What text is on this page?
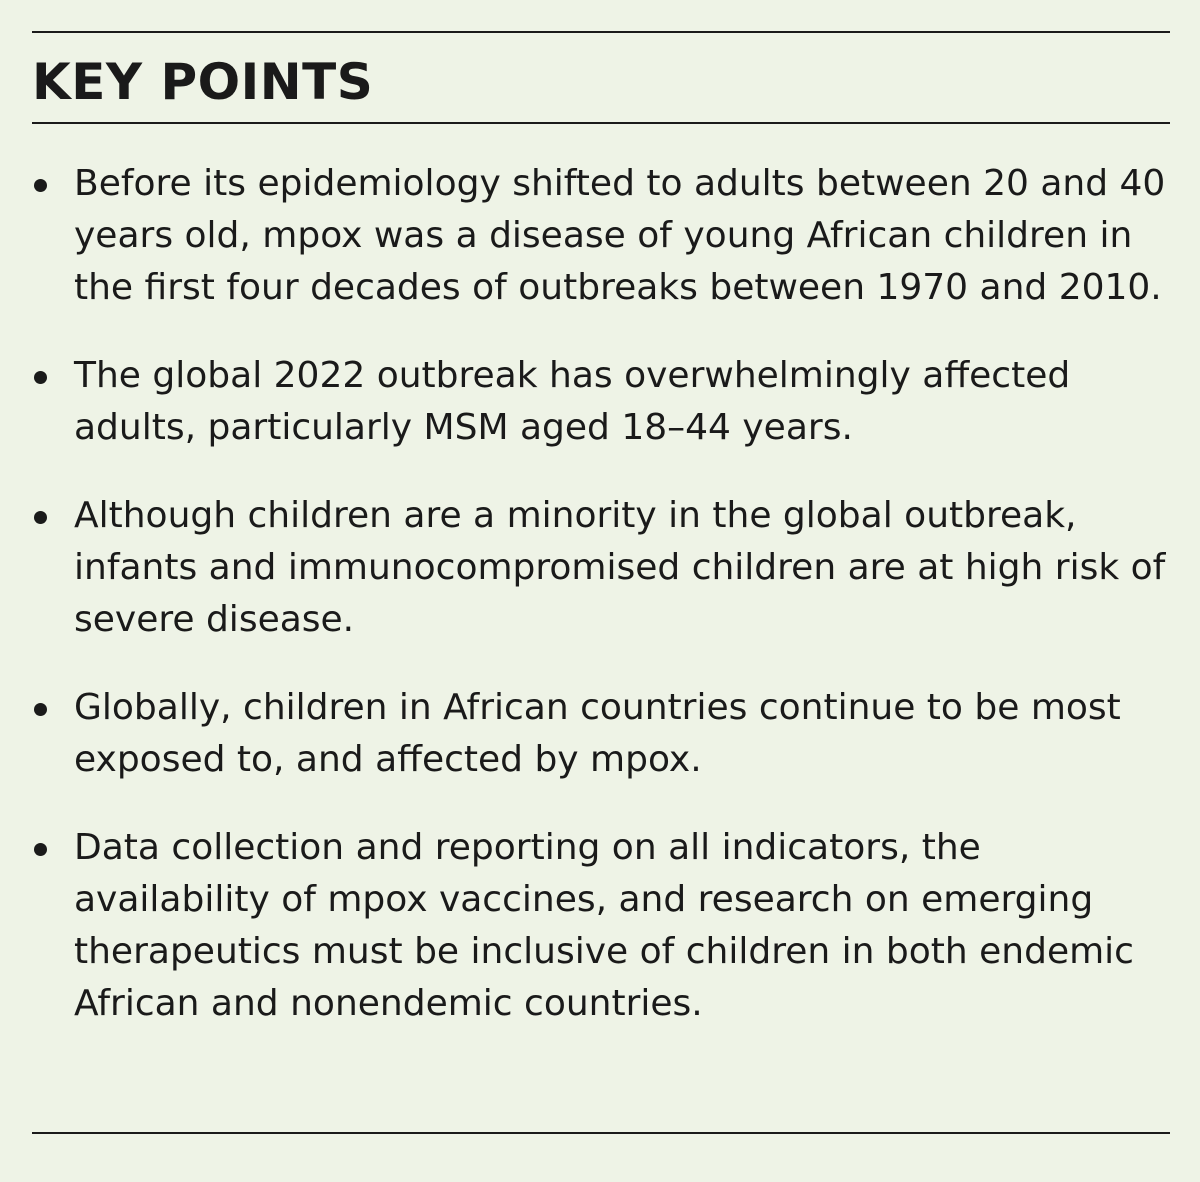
KEY POINTS
Before its epidemiology shifted to adults between 20 and 40 years old, mpox was a disease of young African children in the first four decades of outbreaks between 1970 and 2010.
The global 2022 outbreak has overwhelmingly affected adults, particularly MSM aged 18–44 years.
Although children are a minority in the global outbreak, infants and immunocompromised children are at high risk of severe disease.
Globally, children in African countries continue to be most exposed to, and affected by mpox.
Data collection and reporting on all indicators, the availability of mpox vaccines, and research on emerging therapeutics must be inclusive of children in both endemic African and nonendemic countries.
